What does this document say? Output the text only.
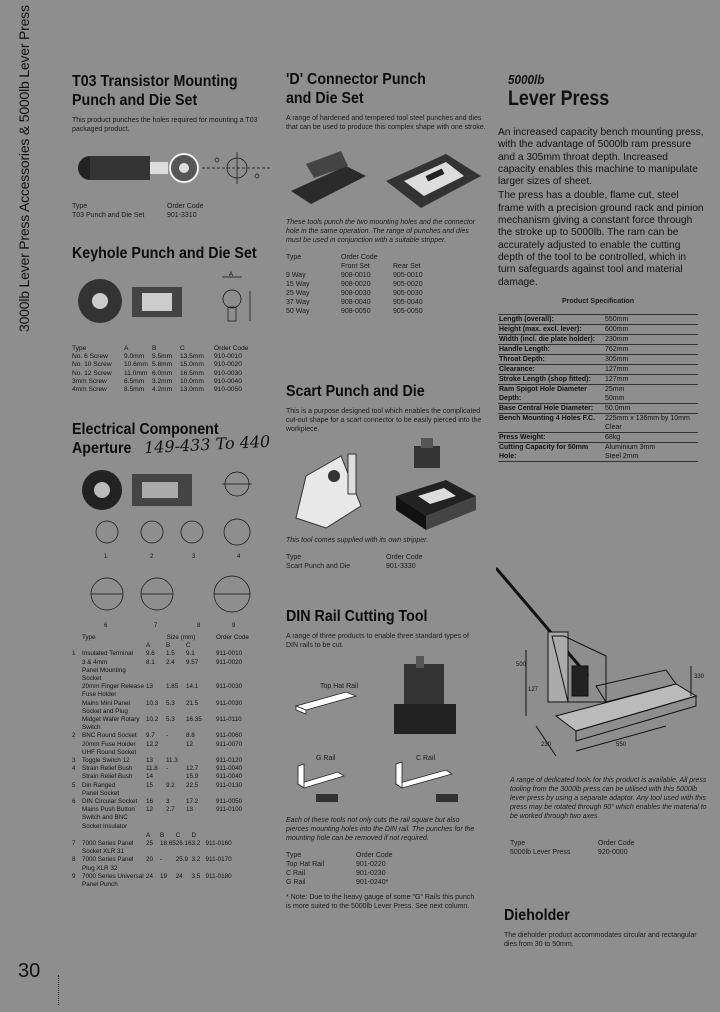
3000lb Lever Press Accessories & 5000lb Lever Press
30
T03 Transistor Mounting
Punch and Die Set
This product punches the holes required for mounting a T03 packaged product.
Type	Order Code
T03 Punch and Die Set	901-3310
Keyhole Punch and Die Set
A
Type	A	B	C	Order Code
No. 6 Screw	9.0mm	5.5mm	13.5mm	910-0010
No. 10 Screw	10.6mm	5.8mm	15.0mm	910-0020
No. 12 Screw	11.0mm	6.0mm	16.5mm	910-0030
3mm Screw	6.5mm	3.2mm	10.0mm	910-0040
4mm Screw	8.5mm	4.2mm	13.0mm	910-0050
Electrical Component
Aperture 149-433 To 440
1	2	3	4
6	7	8	9
	Type	Size (mm)			Order Code
		A	B	C	
1	Insulated Terminal	9.6	1.5	9.1	911-0010
	3 & 4mm	8.1	2.4	9.57	911-0020
	Panel Mounting Socket				
	20mm Finger Release	13	1.85	14.1	911-0030
	Fuse Holder				
	Mains Mini Panel	10.3	5.3	21.5	911-0030
	Socket and Plug				
	Midget Wafer Rotary	10.2	5.3	16.35	911-0110
	Switch				
2	BNC Round Socket	9.7	-	8.8	911-0060
	20mm Fuse Holder	12.2		12	911-0070
	UHF Round Socket				
3	Toggle Switch 12	13	11.3		911-0120
4	Strain Relief Bush	11.8	-	12.7	911-0040
	Strain Relief Bush	14		15.9	911-0040
5	Din Ranged	15	9.2	22.5	911-0130
	Panel Socket				
6	DIN Circular Socket	16	3	17.2	911-0050
	Mains Push Button	12	2.7	13	911-0100
	Switch and BNC				
	Socket Insulator				
		A	B	C	D	
7	7000 Series Panel	25	18.65	26.16	3.2	911-0160
	Socket XLR 31					
8	7000 Series Panel	20	-	25.9	3.2	911-0170
	Plug XLR 32					
9	7000 Series Universal	24	19	24	3.5	911-0180
	Panel Punch					
'D' Connector Punch
and Die Set
A range of hardened and tempered tool steel punches and dies that can be used to produce this complex shape with one stroke.
These tools punch the two mounting holes and the connector hole in the same operation. The range of punches and dies must be used in conjunction with a suitable stripper.
Type	Order Code	
	Front Set	Rear Set
9 Way	908-0010	905-0010
15 Way	908-0020	905-0020
25 Way	908-0030	905-0030
37 Way	908-0040	905-0040
50 Way	908-0050	905-0050
Scart Punch and Die
This is a purpose designed tool which enables the complicated cut-out shape for a scart connector to be easily pierced into the workpiece.
This tool comes supplied with its own stripper.
Type	Order Code
Scart Punch and Die	901-3330
DIN Rail Cutting Tool
A range of three products to enable three standard types of DIN rails to be cut.
Top Hat Rail
G Rail	C Rail
Each of these tools not only cuts the rail square but also pierces mounting holes into the DIN rail. The punches for the mounting hole can be removed if not required.
Type	Order Code
Top Hat Rail	901-0220
C Rail	901-0230
G Rail	901-0240*
* Note: Due to the heavy gauge of some "G" Rails this punch is more suited to the 5000lb Lever Press. See next column.
5000lb
Lever Press
An increased capacity bench mounting press, with the advantage of 5000lb ram pressure and a 305mm throat depth. Increased capacity enables this machine to manipulate larger sizes of sheet.
The press has a double, flame cut, steel frame with a precision ground rack and pinion mechanism giving a constant force through the stroke up to 5000lb. The ram can be accurately adjusted to enable the cutting depth of the tool to be controlled, which in turn safeguards against tool and material damage.
Product Specification
Length (overall):	550mm
Height (max. excl. lever):	600mm
Width (incl. die plate holder):	230mm
Handle Length:	762mm
Throat Depth:	305mm
Clearance:	127mm
Stroke Length (shop fitted):	127mm
Ram Spigot Hole Diameter Depth:	25mm
50mm
Base Central Hole Diameter:	50.0mm
Bench Mounting 4 Holes F.C.	225mm x 136mm by 10mm Clear
Press Weight:	68kg
Cutting Capacity for 50mm Hole:	Aluminium 3mm
Steel 2mm
500
330
127
550
230
A range of dedicated tools for this product is available. All press tooling from the 3000lb press can be utilised with this 5000lb lever press by using a separate adaptor. Any tool used with this press may be rotated through 90° which enables the material to be worked through two axes.
Type	Order Code
5000lb Lever Press	920-0000
Dieholder
The dieholder product accommodates circular and rectangular dies from 30 to 50mm.
